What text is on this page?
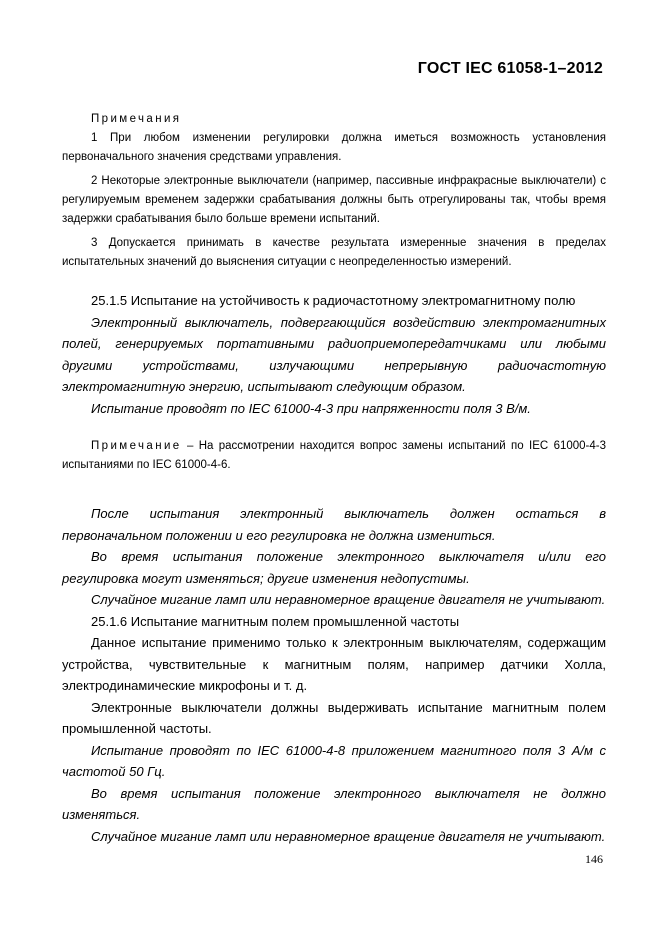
ГОСТ IEC 61058-1–2012

Примечания

1 При любом изменении регулировки должна иметься возможность установления первоначального значения средствами управления.

2 Некоторые электронные выключатели (например, пассивные инфракрасные выключатели) с регулируемым временем задержки срабатывания должны быть отрегулированы так, чтобы время задержки срабатывания было больше времени испытаний.

3 Допускается принимать в качестве результата измеренные значения в пределах испытательных значений до выяснения ситуации с неопределенностью измерений.

25.1.5 Испытание на устойчивость к радиочастотному электромагнитному полю

Электронный выключатель, подвергающийся воздействию электромагнитных полей, генерируемых портативными радиоприемопередатчиками или любыми другими устройствами, излучающими непрерывную радиочастотную электромагнитную энергию, испытывают следующим образом.

Испытание проводят по IEC 61000-4-3 при напряженности поля 3 В/м.

Примечание – На рассмотрении находится вопрос замены испытаний по IEC 61000-4-3 испытаниями по IEC 61000-4-6.

После испытания электронный выключатель должен остаться в первоначальном положении и его регулировка не должна измениться.

Во время испытания положение электронного выключателя и/или его регулировка могут изменяться; другие изменения недопустимы.

Случайное мигание ламп или неравномерное вращение двигателя не учитывают.

25.1.6 Испытание магнитным полем промышленной частоты

Данное испытание применимо только к электронным выключателям, содержащим устройства, чувствительные к магнитным полям, например датчики Холла, электродинамические микрофоны и т. д.

Электронные выключатели должны выдерживать испытание магнитным полем промышленной частоты.

Испытание проводят по IEC 61000-4-8 приложением магнитного поля 3 А/м с частотой 50 Гц.

Во время испытания положение электронного выключателя не должно изменяться.

Случайное мигание ламп или неравномерное вращение двигателя не учитывают.

146
